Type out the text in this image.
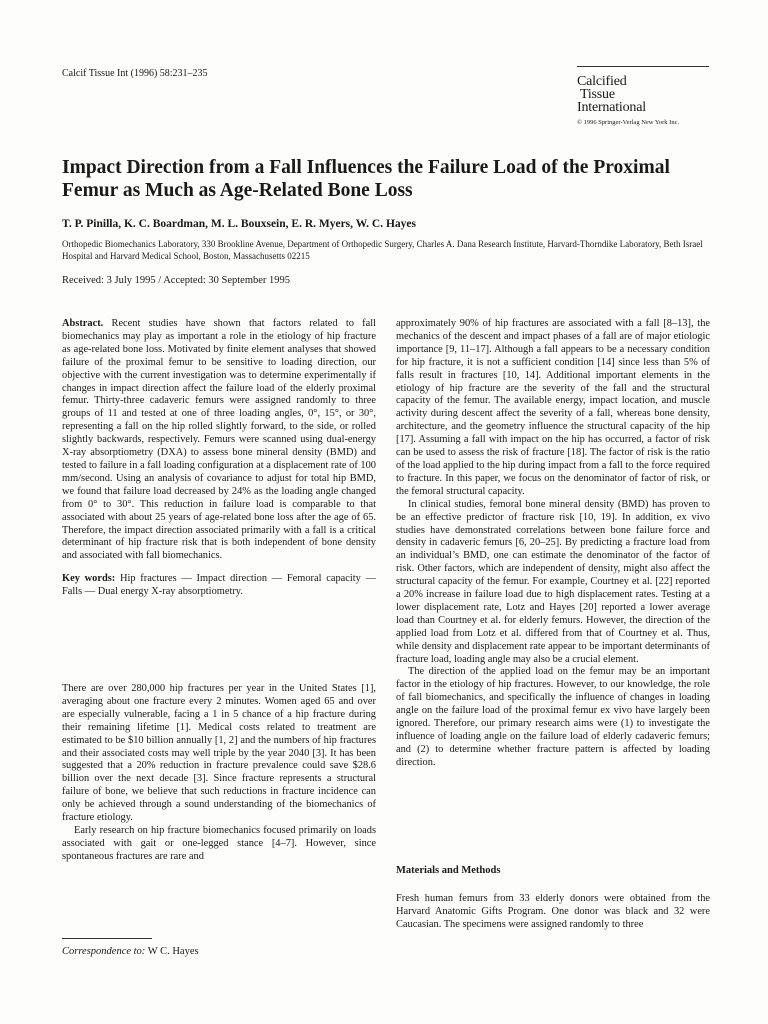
Calcif Tissue Int (1996) 58:231–235
Calcified
Tissue
International
© 1996 Springer-Verlag New York Inc.
Impact Direction from a Fall Influences the Failure Load of the Proximal Femur as Much as Age-Related Bone Loss
T. P. Pinilla, K. C. Boardman, M. L. Bouxsein, E. R. Myers, W. C. Hayes
Orthopedic Biomechanics Laboratory, 330 Brookline Avenue, Department of Orthopedic Surgery, Charles A. Dana Research Institute, Harvard-Thorndike Laboratory, Beth Israel Hospital and Harvard Medical School, Boston, Massachusetts 02215
Received: 3 July 1995 / Accepted: 30 September 1995

Abstract. Recent studies have shown that factors related to fall biomechanics may play as important a role in the etiology of hip fracture as age-related bone loss. Motivated by finite element analyses that showed failure of the proximal femur to be sensitive to loading direction, our objective with the current investigation was to determine experimentally if changes in impact direction affect the failure load of the elderly proximal femur. Thirty-three cadaveric femurs were assigned randomly to three groups of 11 and tested at one of three loading angles, 0°, 15°, or 30°, representing a fall on the hip rolled slightly forward, to the side, or rolled slightly backwards, respectively. Femurs were scanned using dual-energy X-ray absorptiometry (DXA) to assess bone mineral density (BMD) and tested to failure in a fall loading configuration at a displacement rate of 100 mm/second. Using an analysis of covariance to adjust for total hip BMD, we found that failure load decreased by 24% as the loading angle changed from 0° to 30°. This reduction in failure load is comparable to that associated with about 25 years of age-related bone loss after the age of 65. Therefore, the impact direction associated primarily with a fall is a critical determinant of hip fracture risk that is both independent of bone density and associated with fall biomechanics.

Key words: Hip fractures — Impact direction — Femoral capacity — Falls — Dual energy X-ray absorptiometry.

There are over 280,000 hip fractures per year in the United States [1], averaging about one fracture every 2 minutes. Women aged 65 and over are especially vulnerable, facing a 1 in 5 chance of a hip fracture during their remaining lifetime [1]. Medical costs related to treatment are estimated to be $10 billion annually [1, 2] and the numbers of hip fractures and their associated costs may well triple by the year 2040 [3]. It has been suggested that a 20% reduction in fracture prevalence could save $28.6 billion over the next decade [3]. Since fracture represents a structural failure of bone, we believe that such reductions in fracture incidence can only be achieved through a sound understanding of the biomechanics of fracture etiology.

Early research on hip fracture biomechanics focused primarily on loads associated with gait or one-legged stance [4–7]. However, since spontaneous fractures are rare and

approximately 90% of hip fractures are associated with a fall [8–13], the mechanics of the descent and impact phases of a fall are of major etiologic importance [9, 11–17]. Although a fall appears to be a necessary condition for hip fracture, it is not a sufficient condition [14] since less than 5% of falls result in fractures [10, 14]. Additional important elements in the etiology of hip fracture are the severity of the fall and the structural capacity of the femur. The available energy, impact location, and muscle activity during descent affect the severity of a fall, whereas bone density, architecture, and the geometry influence the structural capacity of the hip [17]. Assuming a fall with impact on the hip has occurred, a factor of risk can be used to assess the risk of fracture [18]. The factor of risk is the ratio of the load applied to the hip during impact from a fall to the force required to fracture. In this paper, we focus on the denominator of factor of risk, or the femoral structural capacity.

In clinical studies, femoral bone mineral density (BMD) has proven to be an effective predictor of fracture risk [10, 19]. In addition, ex vivo studies have demonstrated correlations between bone failure force and density in cadaveric femurs [6, 20–25]. By predicting a fracture load from an individual’s BMD, one can estimate the denominator of the factor of risk. Other factors, which are independent of density, might also affect the structural capacity of the femur. For example, Courtney et al. [22] reported a 20% increase in failure load due to high displacement rates. Testing at a lower displacement rate, Lotz and Hayes [20] reported a lower average load than Courtney et al. for elderly femurs. However, the direction of the applied load from Lotz et al. differed from that of Courtney et al. Thus, while density and displacement rate appear to be important determinants of fracture load, loading angle may also be a crucial element.

The direction of the applied load on the femur may be an important factor in the etiology of hip fractures. However, to our knowledge, the role of fall biomechanics, and specifically the influence of changes in loading angle on the failure load of the proximal femur ex vivo have largely been ignored. Therefore, our primary research aims were (1) to investigate the influence of loading angle on the failure load of elderly cadaveric femurs; and (2) to determine whether fracture pattern is affected by loading direction.

Materials and Methods

Fresh human femurs from 33 elderly donors were obtained from the Harvard Anatomic Gifts Program. One donor was black and 32 were Caucasian. The specimens were assigned randomly to three

Correspondence to: W C. Hayes
